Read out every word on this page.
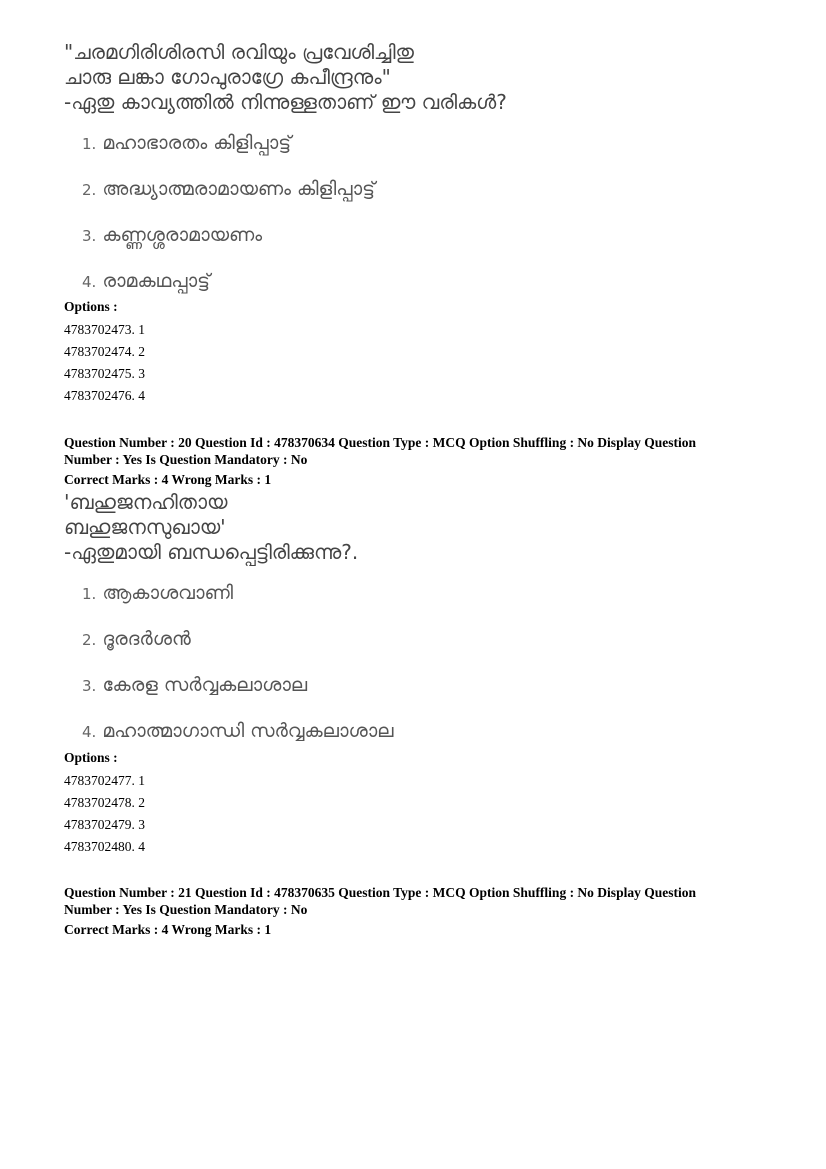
"ചരമഗിരിശിരസി രവിയും പ്രവേശിച്ചിതു
ചാരു ലങ്കാ ഗോപുരാഗ്രേ കപീന്ദ്രനും"
-ഏതു കാവ്യത്തിൽ നിന്നുള്ളതാണ് ഈ വരികൾ?
1. മഹാഭാരതം കിളിപ്പാട്ട്
2. അദ്ധ്യാത്മരാമായണം കിളിപ്പാട്ട്
3. കണ്ണശ്ശരാമായണം
4. രാമകഥപ്പാട്ട്
Options :
4783702473. 1
4783702474. 2
4783702475. 3
4783702476. 4
Question Number : 20 Question Id : 478370634 Question Type : MCQ Option Shuffling : No Display Question
Number : Yes Is Question Mandatory : No
Correct Marks : 4 Wrong Marks : 1
'ബഹുജനഹിതായ
ബഹുജനസുഖായ'
-ഏതുമായി ബന്ധപ്പെട്ടിരിക്കുന്നു?.
1. ആകാശവാണി
2. ദൂരദർശൻ
3. കേരള സർവ്വകലാശാല
4. മഹാത്മാഗാന്ധി സർവ്വകലാശാല
Options :
4783702477. 1
4783702478. 2
4783702479. 3
4783702480. 4
Question Number : 21 Question Id : 478370635 Question Type : MCQ Option Shuffling : No Display Question
Number : Yes Is Question Mandatory : No
Correct Marks : 4 Wrong Marks : 1
